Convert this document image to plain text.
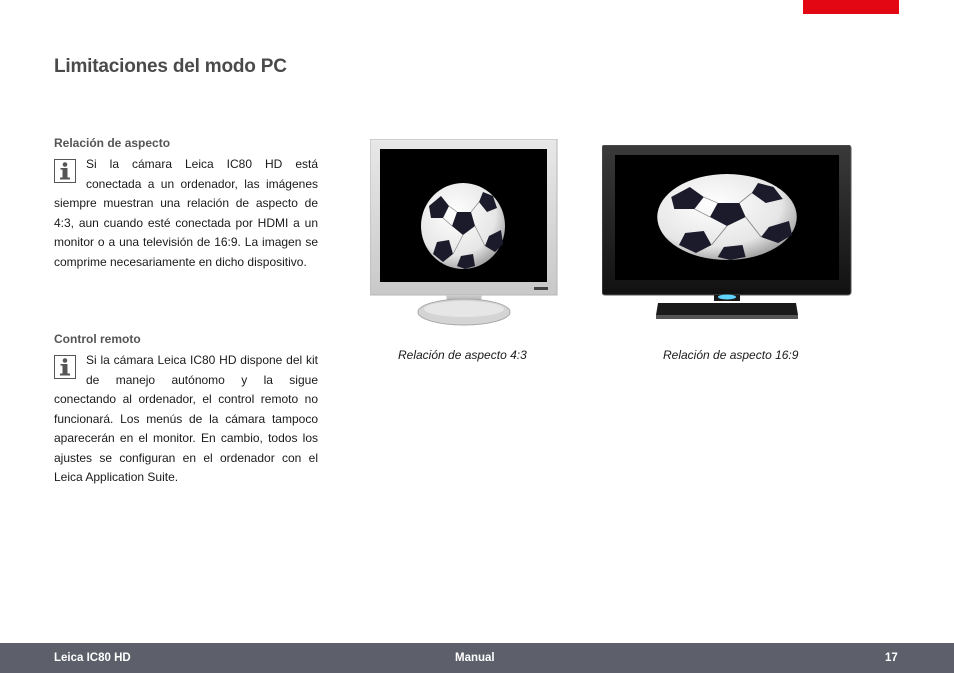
Limitaciones del modo PC
Relación de aspecto

Si la cámara Leica IC80 HD está conectada a un ordenador, las imágenes siempre muestran una relación de aspecto de 4:3, aun cuando esté conectada por HDMI a un monitor o a una televisión de 16:9. La imagen se comprime necesariamente en dicho dispositivo.

Control remoto

Si la cámara Leica IC80 HD dispone del kit de manejo autónomo y la sigue conectando al ordenador, el control remoto no funcionará. Los menús de la cámara tampoco aparecerán en el monitor. En cambio, todos los ajustes se configuran en el ordenador con el Leica Application Suite.

Relación de aspecto 4:3	Relación de aspecto 16:9
Leica IC80 HD	Manual	17
